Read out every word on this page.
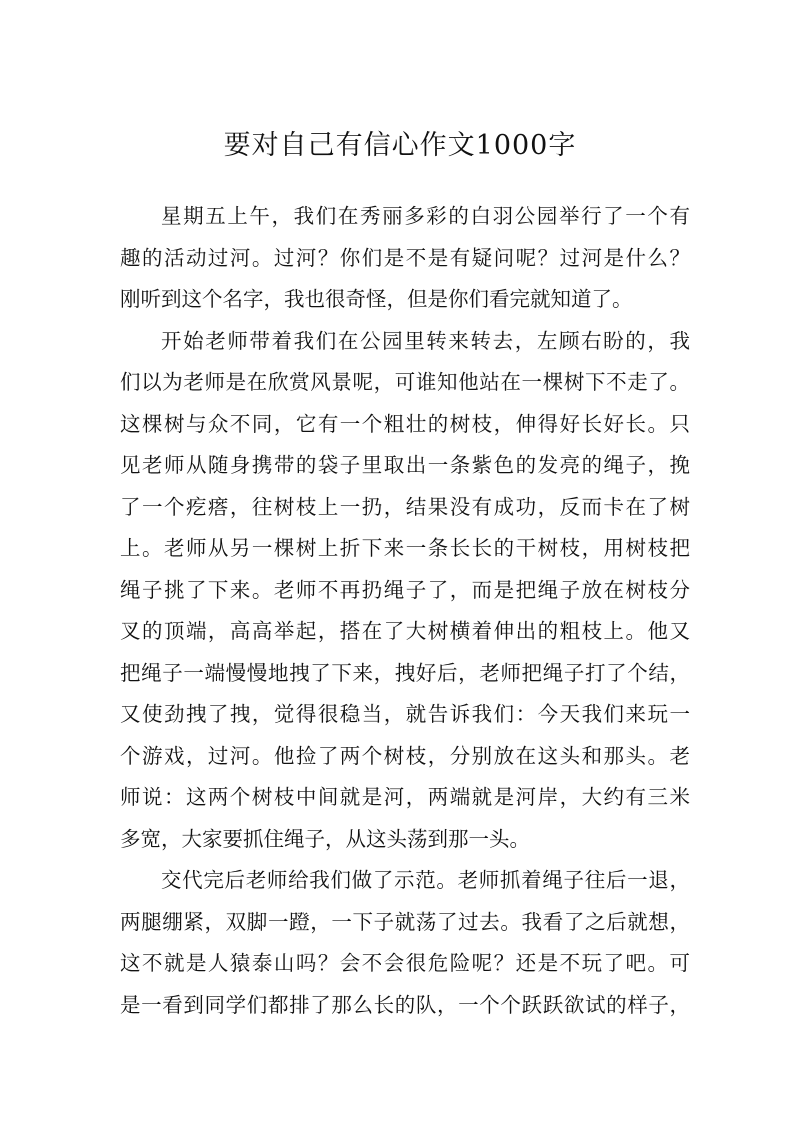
要对自己有信心作文1000字
星期五上午，我们在秀丽多彩的白羽公园举行了一个有
趣的活动过河。过河？你们是不是有疑问呢？过河是什么？
刚听到这个名字，我也很奇怪，但是你们看完就知道了。
开始老师带着我们在公园里转来转去，左顾右盼的，我
们以为老师是在欣赏风景呢，可谁知他站在一棵树下不走了。
这棵树与众不同，它有一个粗壮的树枝，伸得好长好长。只
见老师从随身携带的袋子里取出一条紫色的发亮的绳子，挽
了一个疙瘩，往树枝上一扔，结果没有成功，反而卡在了树
上。老师从另一棵树上折下来一条长长的干树枝，用树枝把
绳子挑了下来。老师不再扔绳子了，而是把绳子放在树枝分
叉的顶端，高高举起，搭在了大树横着伸出的粗枝上。他又
把绳子一端慢慢地拽了下来，拽好后，老师把绳子打了个结，
又使劲拽了拽，觉得很稳当，就告诉我们：今天我们来玩一
个游戏，过河。他捡了两个树枝，分别放在这头和那头。老
师说：这两个树枝中间就是河，两端就是河岸，大约有三米
多宽，大家要抓住绳子，从这头荡到那一头。
交代完后老师给我们做了示范。老师抓着绳子往后一退，
两腿绷紧，双脚一蹬，一下子就荡了过去。我看了之后就想，
这不就是人猿泰山吗？会不会很危险呢？还是不玩了吧。可
是一看到同学们都排了那么长的队，一个个跃跃欲试的样子，
